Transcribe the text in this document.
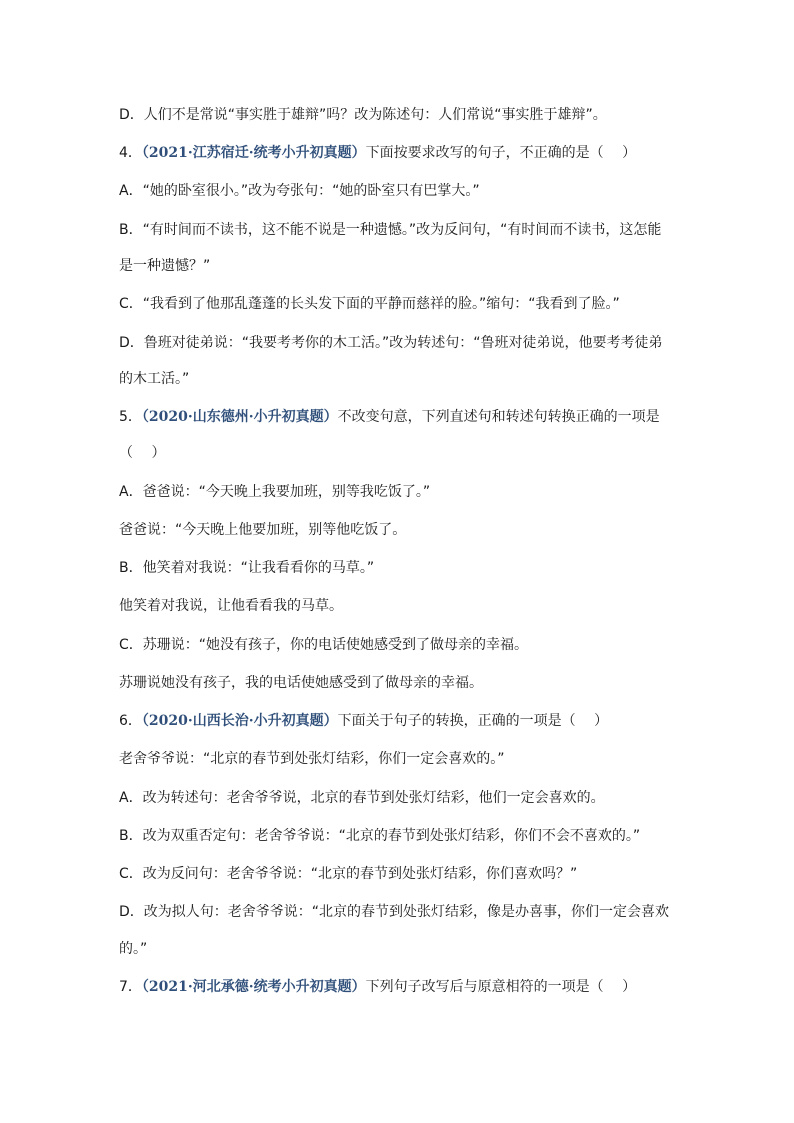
D．人们不是常说“事实胜于雄辩”吗？改为陈述句：人们常说“事实胜于雄辩”。
4．（2021·江苏宿迁·统考小升初真题）下面按要求改写的句子，不正确的是（　 ）
A．“她的卧室很小。”改为夸张句：“她的卧室只有巴掌大。”
B．“有时间而不读书，这不能不说是一种遗憾。”改为反问句，“有时间而不读书，这怎能
是一种遗憾？”
C．“我看到了他那乱蓬蓬的长头发下面的平静而慈祥的脸。”缩句：“我看到了脸。”
D．鲁班对徒弟说：“我要考考你的木工活。”改为转述句：“鲁班对徒弟说，他要考考徒弟
的木工活。”
5．（2020·山东德州·小升初真题）不改变句意，下列直述句和转述句转换正确的一项是
（　 ）
A．爸爸说：“今天晚上我要加班，别等我吃饭了。”
爸爸说：“今天晚上他要加班，别等他吃饭了。
B．他笑着对我说：“让我看看你的马草。”
他笑着对我说，让他看看我的马草。
C．苏珊说：“她没有孩子，你的电话使她感受到了做母亲的幸福。
苏珊说她没有孩子，我的电话使她感受到了做母亲的幸福。
6．（2020·山西长治·小升初真题）下面关于句子的转换，正确的一项是（　 ）
老舍爷爷说：“北京的春节到处张灯结彩，你们一定会喜欢的。”
A．改为转述句：老舍爷爷说，北京的春节到处张灯结彩，他们一定会喜欢的。
B．改为双重否定句：老舍爷爷说：“北京的春节到处张灯结彩，你们不会不喜欢的。”
C．改为反问句：老舍爷爷说：“北京的春节到处张灯结彩，你们喜欢吗？”
D．改为拟人句：老舍爷爷说：“北京的春节到处张灯结彩，像是办喜事，你们一定会喜欢
的。”
7．（2021·河北承德·统考小升初真题）下列句子改写后与原意相符的一项是（　 ）
